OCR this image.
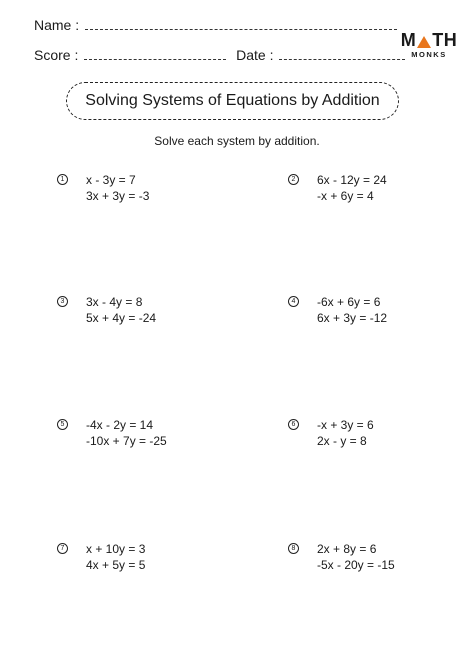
Name :
Score :	Date :
M TH
MONKS
Solving Systems of Equations by Addition
Solve each system by addition.
1 x - 3y = 7
3x + 3y = -3
2 6x - 12y = 24
-x + 6y = 4
3 3x - 4y = 8
5x + 4y = -24
4 -6x + 6y = 6
6x + 3y = -12
5 -4x - 2y = 14
-10x + 7y = -25
6 -x + 3y = 6
2x - y = 8
7 x + 10y = 3
4x + 5y = 5
8 2x + 8y = 6
-5x - 20y = -15
